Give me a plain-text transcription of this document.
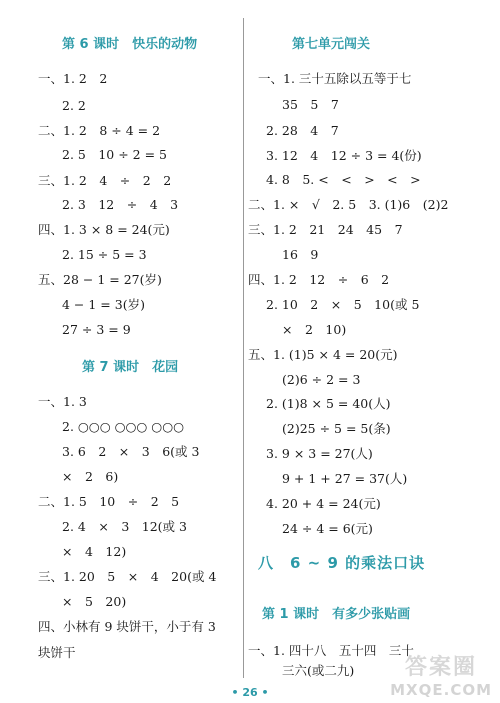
第 6 课时　快乐的动物
一、1. 2　2
2. 2
二、1. 2　8 ÷ 4 = 2
2. 5　10 ÷ 2 = 5
三、1. 2　4　÷　2　2
2. 3　12　÷　4　3
四、1. 3 × 8 = 24(元)
2. 15 ÷ 5 = 3
五、28 − 1 = 27(岁)
4 − 1 = 3(岁)
27 ÷ 3 = 9
第 7 课时　花园
一、1. 3
2. ○○○ ○○○ ○○○
3. 6　2　×　3　6(或 3
×　2　6)
二、1. 5　10　÷　2　5
2. 4　×　3　12(或 3
×　4　12)
三、1. 20　5　×　4　20(或 4
×　5　20)
四、小林有 9 块饼干，小于有 3
块饼干
第七单元闯关
一、1. 三十五除以五等于七
35　5　7
2. 28　4　7
3. 12　4　12 ÷ 3 = 4(份)
4. 8　5. <　<　>　<　>
二、1. ×　√　2. 5　3. (1)6　(2)2
三、1. 2　21　24　45　7
16　9
四、1. 2　12　÷　6　2
2. 10　2　×　5　10(或 5
×　2　10)
五、1. (1)5 × 4 = 20(元)
(2)6 ÷ 2 = 3
2. (1)8 × 5 = 40(人)
(2)25 ÷ 5 = 5(条)
3. 9 × 3 = 27(人)
9 + 1 + 27 = 37(人)
4. 20 + 4 = 24(元)
24 ÷ 4 = 6(元)
八　6 ~ 9 的乘法口诀
第 1 课时　有多少张贴画
一、1. 四十八　五十四　三十
三六(或二九)
• 26 •
答案圈
MXQE.COM
